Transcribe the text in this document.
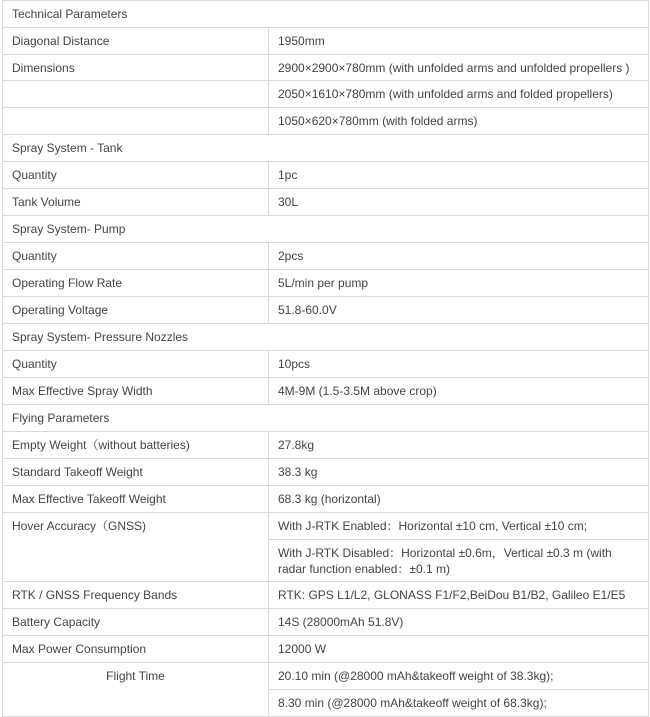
Technical Parameters	
Diagonal Distance	1950mm
Dimensions	2900×2900×780mm (with unfolded arms and unfolded propellers )
	2050×1610×780mm (with unfolded arms and folded propellers)
	1050×620×780mm (with folded arms)
Spray System - Tank	
Quantity	1pc
Tank Volume	30L
Spray System- Pump	
Quantity	2pcs
Operating Flow Rate	5L/min per pump
Operating Voltage	51.8-60.0V
Spray System- Pressure Nozzles	
Quantity	10pcs
Max Effective Spray Width	4M-9M (1.5-3.5M above crop)
Flying Parameters	
Empty Weight（without batteries)	27.8kg
Standard Takeoff Weight	38.3 kg
Max Effective Takeoff Weight	68.3 kg (horizontal)
Hover Accuracy（GNSS)	With J-RTK Enabled：Horizontal ±10 cm, Vertical ±10 cm;
	With J-RTK Disabled：Horizontal ±0.6m，Vertical ±0.3 m (with radar function enabled：±0.1 m)
RTK / GNSS Frequency Bands	RTK: GPS L1/L2, GLONASS F1/F2,BeiDou B1/B2, Galileo E1/E5
Battery Capacity	14S (28000mAh 51.8V)
Max Power Consumption	12000 W
Flight Time	20.10 min (@28000 mAh&takeoff weight of 38.3kg);
	8.30 min (@28000 mAh&takeoff weight of 68.3kg);
